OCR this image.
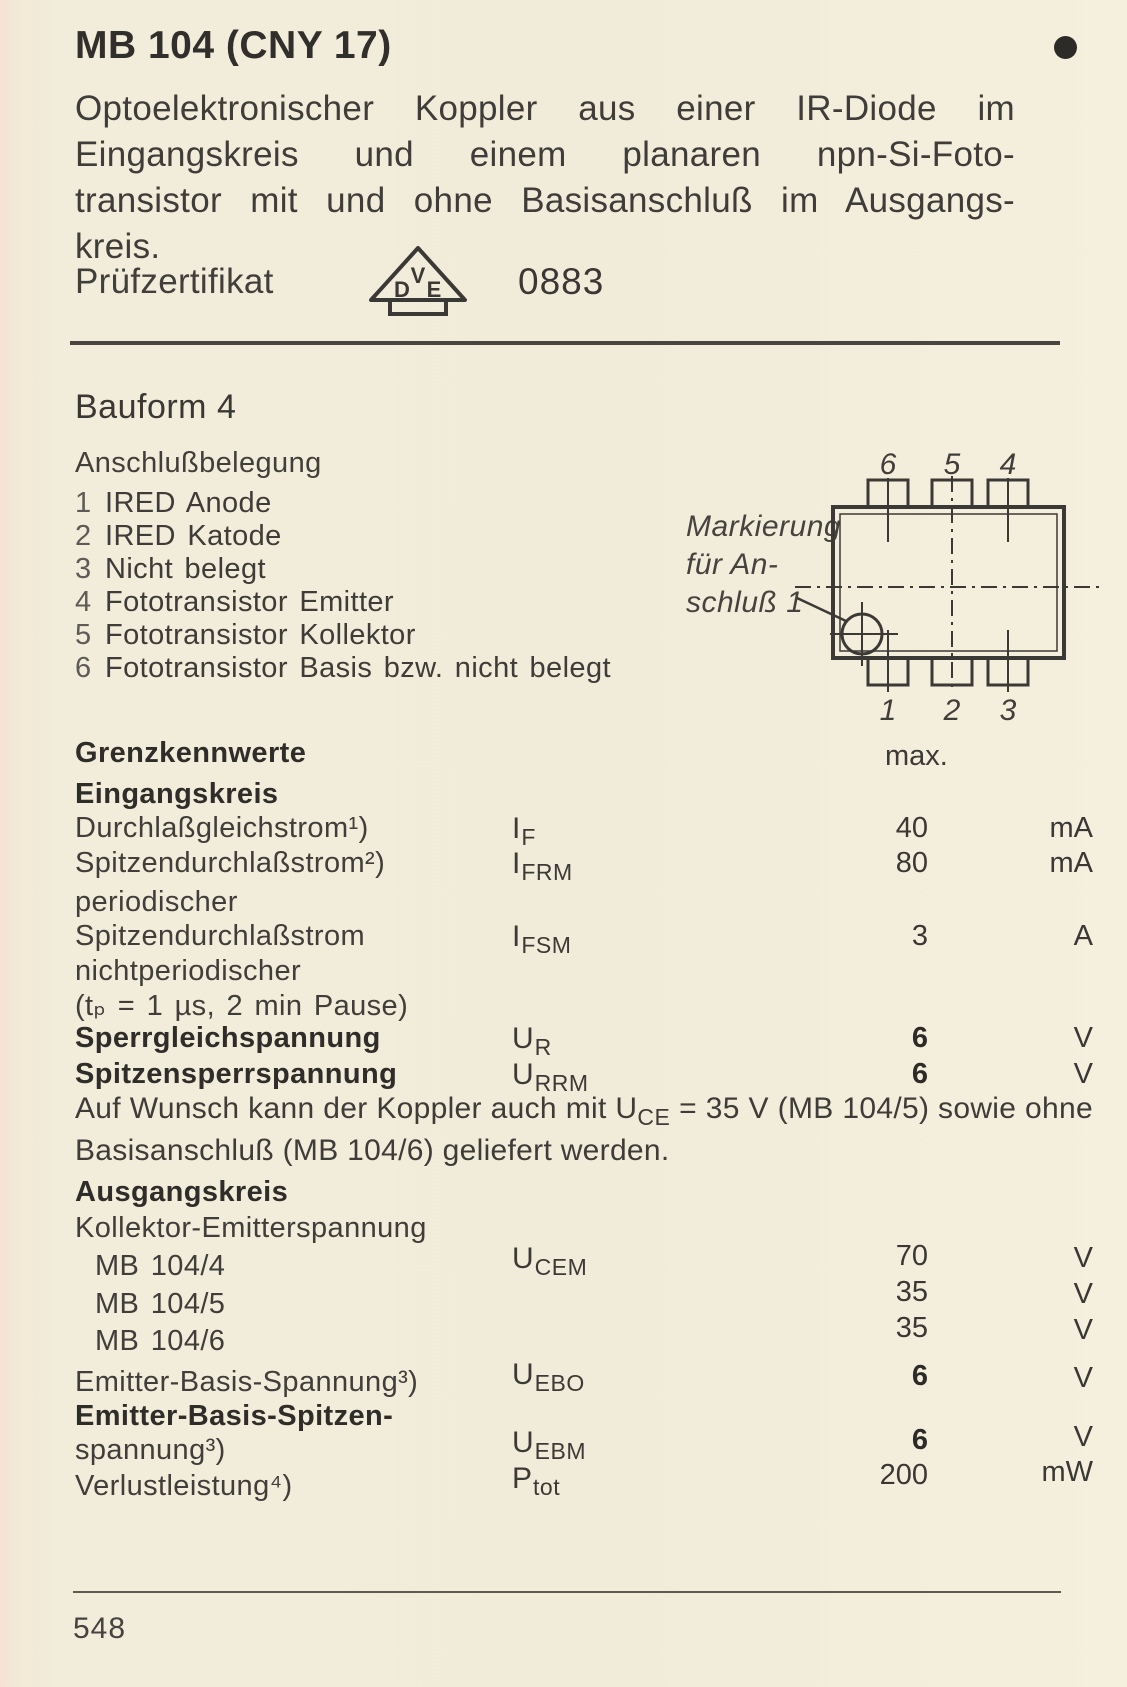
MB 104 (CNY 17)
Optoelektronischer Koppler aus einer IR-Diode im
Eingangskreis und einem planaren npn-Si-Foto-
transistor mit und ohne Basisanschluß im Ausgangs-
kreis.
Prüfzertifikat	D
V
E 0883
Bauform 4
Anschlußbelegung
1 IRED Anode
2 IRED Katode
3 Nicht belegt
4 Fototransistor Emitter
5 Fototransistor Kollektor
6 Fototransistor Basis bzw. nicht belegt
Markierung
für An-
schluß 1
6 5 4
1 2 3
Grenzkennwerte	max.
Eingangskreis
Durchlaßgleichstrom¹)	$I_F$	40	mA
Spitzendurchlaßstrom²)	$I_{FRM}$	80	mA
periodischer
Spitzendurchlaßstrom	$I_{FSM}$	3	A
nichtperiodischer
(tₚ = 1 µs, 2 min Pause)
Sperrgleichspannung	$U_R$	6	V
Spitzensperrspannung	$U_{RRM}$	6	V
Ausgangskreis
Kollektor-Emitterspannung
MB 104/4	$U_{CEM}$	70	V
MB 104/5	35	V
MB 104/6	35	V
Emitter-Basis-Spannung³)	$U_{EBO}$	6	V
Emitter-Basis-Spitzen-
spannung³)	$U_{EBM}$	6	V
Verlustleistung⁴)	$P_{tot}$	200	mW
Auf Wunsch kann der Koppler auch mit $U_{CE} = 35$ V (MB 104/5) sowie ohne
Basisanschluß (MB 104/6) geliefert werden.
548
